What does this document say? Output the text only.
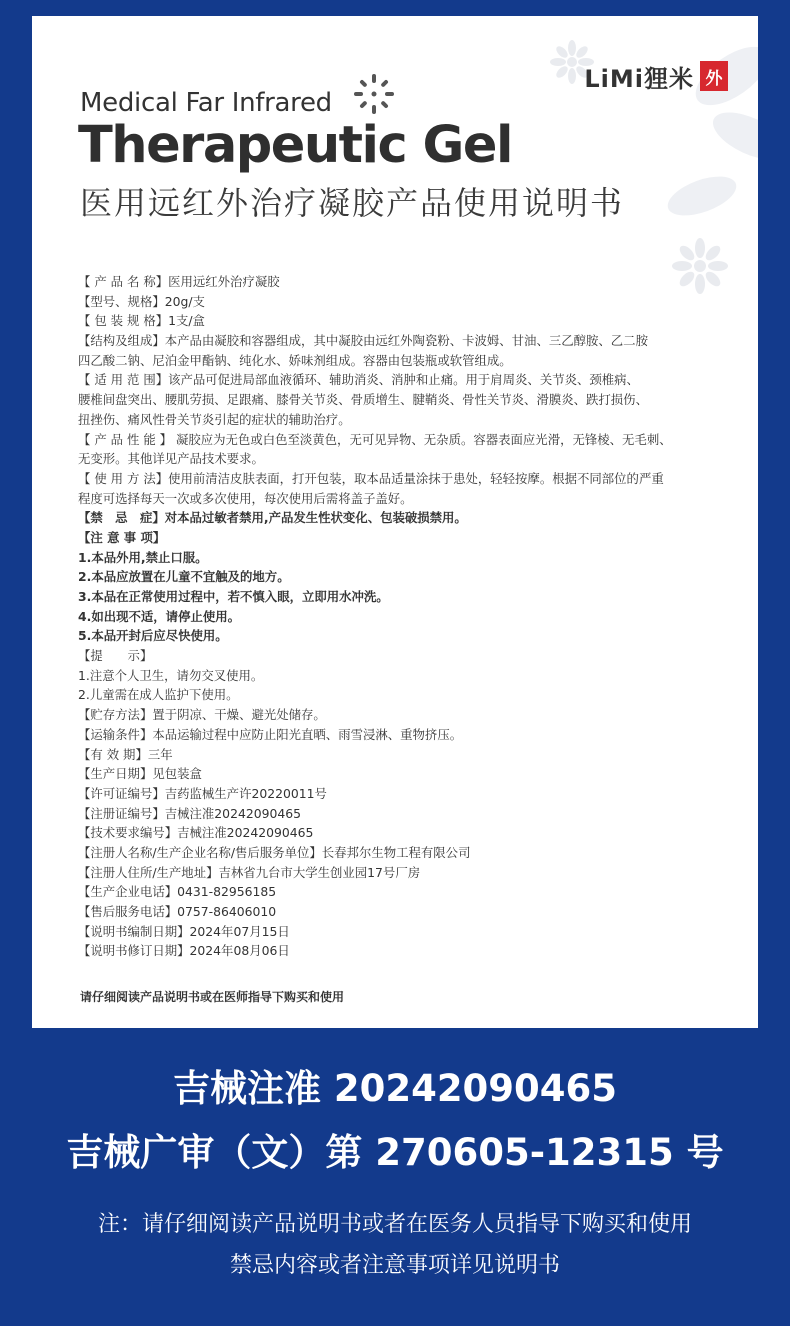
LiMi狸米 外
Medical Far Infrared
Therapeutic Gel
医用远红外治疗凝胶产品使用说明书
【 产 品 名 称】医用远红外治疗凝胶
【型号、规格】20g/支
【 包 装 规 格】1支/盒
【结构及组成】本产品由凝胶和容器组成，其中凝胶由远红外陶瓷粉、卡波姆、甘油、三乙醇胺、乙二胺
四乙酸二钠、尼泊金甲酯钠、纯化水、娇味剂组成。容器由包装瓶或软管组成。
【 适 用 范 围】该产品可促进局部血液循环、辅助消炎、消肿和止痛。用于肩周炎、关节炎、颈椎病、
腰椎间盘突出、腰肌劳损、足跟痛、膝骨关节炎、骨质增生、腱鞘炎、骨性关节炎、滑膜炎、跌打损伤、
扭挫伤、痛风性骨关节炎引起的症状的辅助治疗。
【 产 品 性 能 】 凝胶应为无色或白色至淡黄色，无可见异物、无杂质。容器表面应光滑，无锋棱、无毛刺、
无变形。其他详见产品技术要求。
【 使 用 方 法】使用前清洁皮肤表面，打开包装，取本品适量涂抹于患处，轻轻按摩。根据不同部位的严重
程度可选择每天一次或多次使用，每次使用后需将盖子盖好。
【禁　忌　症】对本品过敏者禁用,产品发生性状变化、包装破损禁用。
【注 意 事 项】
1.本品外用,禁止口服。
2.本品应放置在儿童不宜触及的地方。
3.本品在正常使用过程中，若不慎入眼，立即用水冲洗。
4.如出现不适，请停止使用。
5.本品开封后应尽快使用。
【提　　示】
1.注意个人卫生，请勿交叉使用。
2.儿童需在成人监护下使用。
【贮存方法】置于阴凉、干燥、避光处储存。
【运输条件】本品运输过程中应防止阳光直晒、雨雪浸淋、重物挤压。
【有 效 期】三年
【生产日期】见包装盒
【许可证编号】吉药监械生产许20220011号
【注册证编号】吉械注准20242090465
【技术要求编号】吉械注准20242090465
【注册人名称/生产企业名称/售后服务单位】长春邦尔生物工程有限公司
【注册人住所/生产地址】吉林省九台市大学生创业园17号厂房
【生产企业电话】0431-82956185
【售后服务电话】0757-86406010
【说明书编制日期】2024年07月15日
【说明书修订日期】2024年08月06日
请仔细阅读产品说明书或在医师指导下购买和使用
吉械注准 20242090465
吉械广审（文）第 270605-12315 号
注：请仔细阅读产品说明书或者在医务人员指导下购买和使用
禁忌内容或者注意事项详见说明书
